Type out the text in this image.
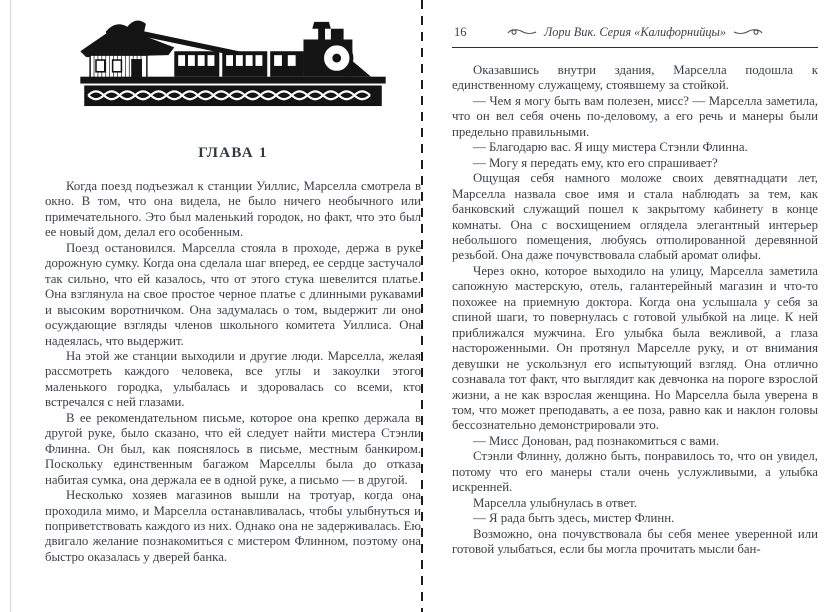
ГЛАВА 1

Когда поезд подъезжал к станции Уиллис, Марселла смотрела в окно. В том, что она видела, не было ничего необычного или примечательного. Это был маленький городок, но факт, что это был ее новый дом, делал его особенным.

Поезд остановился. Марселла стояла в проходе, держа в руке дорожную сумку. Когда она сделала шаг вперед, ее сердце застучало так сильно, что ей казалось, что от этого стука шевелится платье. Она взглянула на свое простое черное платье с длинными рукавами и высоким воротничком. Она задумалась о том, выдержит ли оно осуждающие взгляды членов школьного комитета Уиллиса. Она надеялась, что выдержит.

На этой же станции выходили и другие люди. Марселла, желая рассмотреть каждого человека, все углы и закоулки этого маленького городка, улыбалась и здоровалась со всеми, кто встречался с ней глазами.

В ее рекомендательном письме, которое она крепко держала в другой руке, было сказано, что ей следует найти мистера Стэнли Флинна. Он был, как пояснялось в письме, местным банкиром. Поскольку единственным багажом Марселлы была до отказа набитая сумка, она держала ее в одной руке, а письмо — в другой.

Несколько хозяев магазинов вышли на тротуар, когда она проходила мимо, и Марселла останавливалась, чтобы улыбнуться и поприветствовать каждого из них. Однако она не задерживалась. Ею двигало желание познакомиться с мистером Флинном, поэтому она быстро оказалась у дверей банка.

16	Лори Вик. Серия «Калифорнийцы»

Оказавшись внутри здания, Марселла подошла к единственному служащему, стоявшему за стойкой.

— Чем я могу быть вам полезен, мисс? — Марселла заметила, что он вел себя очень по-деловому, а его речь и манеры были предельно правильными.

— Благодарю вас. Я ищу мистера Стэнли Флинна.

— Могу я передать ему, кто его спрашивает?

Ощущая себя намного моложе своих девятнадцати лет, Марселла назвала свое имя и стала наблюдать за тем, как банковский служащий пошел к закрытому кабинету в конце комнаты. Она с восхищением оглядела элегантный интерьер небольшого помещения, любуясь отполированной деревянной резьбой. Она даже почувствовала слабый аромат олифы.

Через окно, которое выходило на улицу, Марселла заметила сапожную мастерскую, отель, галантерейный магазин и что-то похожее на приемную доктора. Когда она услышала у себя за спиной шаги, то повернулась с готовой улыбкой на лице. К ней приближался мужчина. Его улыбка была вежливой, а глаза настороженными. Он протянул Марселле руку, и от внимания девушки не ускользнул его испытующий взгляд. Она отлично сознавала тот факт, что выглядит как девчонка на пороге взрослой жизни, а не как взрослая женщина. Но Марселла была уверена в том, что может преподавать, а ее поза, равно как и наклон головы бессознательно демонстрировали это.

— Мисс Донован, рад познакомиться с вами.

Стэнли Флинну, должно быть, понравилось то, что он увидел, потому что его манеры стали очень услужливыми, а улыбка искренней.

Марселла улыбнулась в ответ.

— Я рада быть здесь, мистер Флинн.

Возможно, она почувствовала бы себя менее уверенной или готовой улыбаться, если бы могла прочитать мысли бан-
